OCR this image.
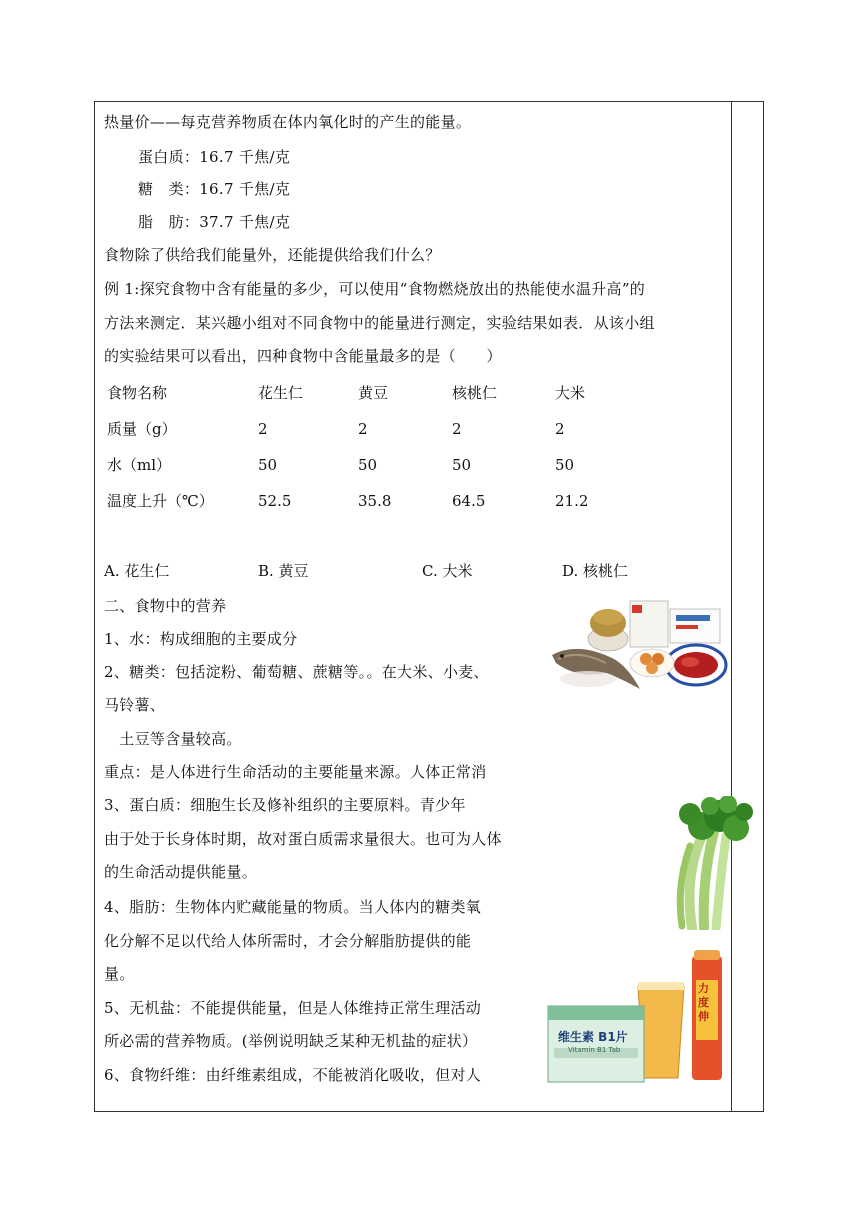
热量价——每克营养物质在体内氧化时的产生的能量。
蛋白质：16.7 千焦/克
糖　类：16.7 千焦/克
脂　肪：37.7 千焦/克
食物除了供给我们能量外，还能提供给我们什么？
例 1:探究食物中含有能量的多少，可以使用“食物燃烧放出的热能使水温升高”的
方法来测定．某兴趣小组对不同食物中的能量进行测定，实验结果如表．从该小组
的实验结果可以看出，四种食物中含能量最多的是（　　）
食物名称	花生仁	黄豆	核桃仁	大米
质量（g）	2	2	2	2
水（ml）	50	50	50	50
温度上升（℃）	52.5	35.8	64.5	21.2
A. 花生仁	B. 黄豆	C. 大米	D. 核桃仁
二、食物中的营养
1、水：构成细胞的主要成分
2、糖类：包括淀粉、葡萄糖、蔗糖等。。在大米、小麦、
马铃薯、
　土豆等含量较高。
重点：是人体进行生命活动的主要能量来源。人体正常消
3、蛋白质：细胞生长及修补组织的主要原料。青少年
由于处于长身体时期，故对蛋白质需求量很大。也可为人体
的生命活动提供能量。
4、脂肪：生物体内贮藏能量的物质。当人体内的糖类氧
化分解不足以代给人体所需时，才会分解脂肪提供的能
量。
5、无机盐：不能提供能量，但是人体维持正常生理活动
所必需的营养物质。(举例说明缺乏某种无机盐的症状）
6、食物纤维：由纤维素组成，不能被消化吸收，但对人
维生素 B1片
Vitamin B1 Tab
力度伸
